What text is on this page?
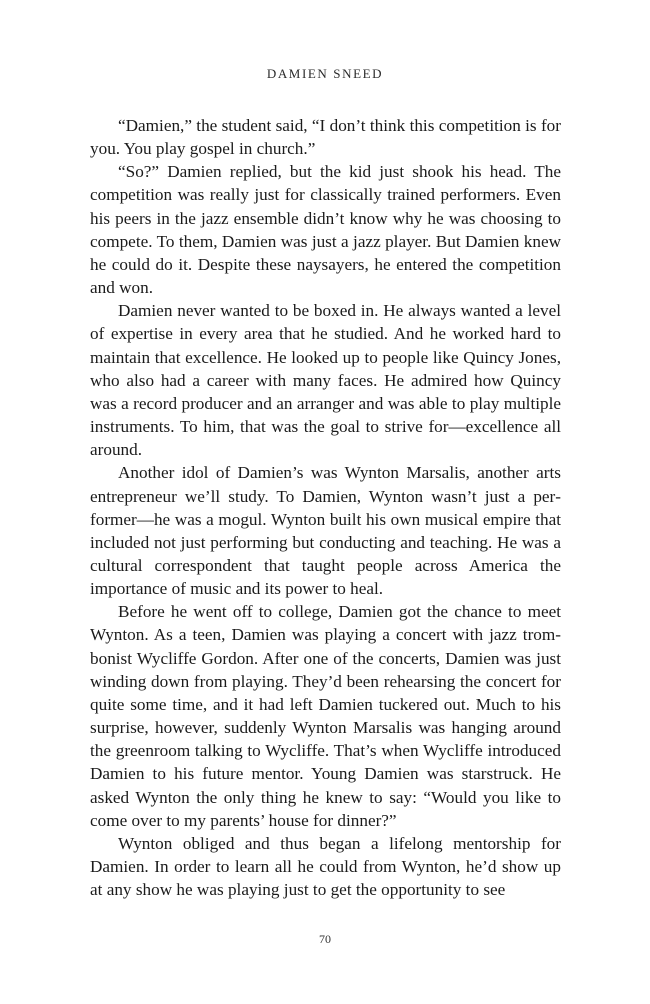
DAMIEN SNEED

“Damien,” the student said, “I don’t think this competition is for you. You play gospel in church.”

“So?” Damien replied, but the kid just shook his head. The competition was really just for classically trained performers. Even his peers in the jazz ensemble didn’t know why he was choosing to compete. To them, Damien was just a jazz player. But Damien knew he could do it. Despite these naysayers, he entered the competition and won.

Damien never wanted to be boxed in. He always wanted a level of expertise in every area that he studied. And he worked hard to maintain that excellence. He looked up to people like Quincy Jones, who also had a career with many faces. He admired how Quincy was a record producer and an arranger and was able to play multiple instruments. To him, that was the goal to strive for—excellence all around.

Another idol of Damien’s was Wynton Marsalis, another arts entrepreneur we’ll study. To Damien, Wynton wasn’t just a performer—he was a mogul. Wynton built his own musical empire that included not just performing but conducting and teaching. He was a cultural correspondent that taught people across America the importance of music and its power to heal.

Before he went off to college, Damien got the chance to meet Wynton. As a teen, Damien was playing a concert with jazz trombonist Wycliffe Gordon. After one of the concerts, Damien was just winding down from playing. They’d been rehearsing the concert for quite some time, and it had left Damien tuckered out. Much to his surprise, however, suddenly Wynton Marsalis was hanging around the greenroom talking to Wycliffe. That’s when Wycliffe introduced Damien to his future mentor. Young Damien was starstruck. He asked Wynton the only thing he knew to say: “Would you like to come over to my parents’ house for dinner?”

Wynton obliged and thus began a lifelong mentorship for Damien. In order to learn all he could from Wynton, he’d show up at any show he was playing just to get the opportunity to see

70
